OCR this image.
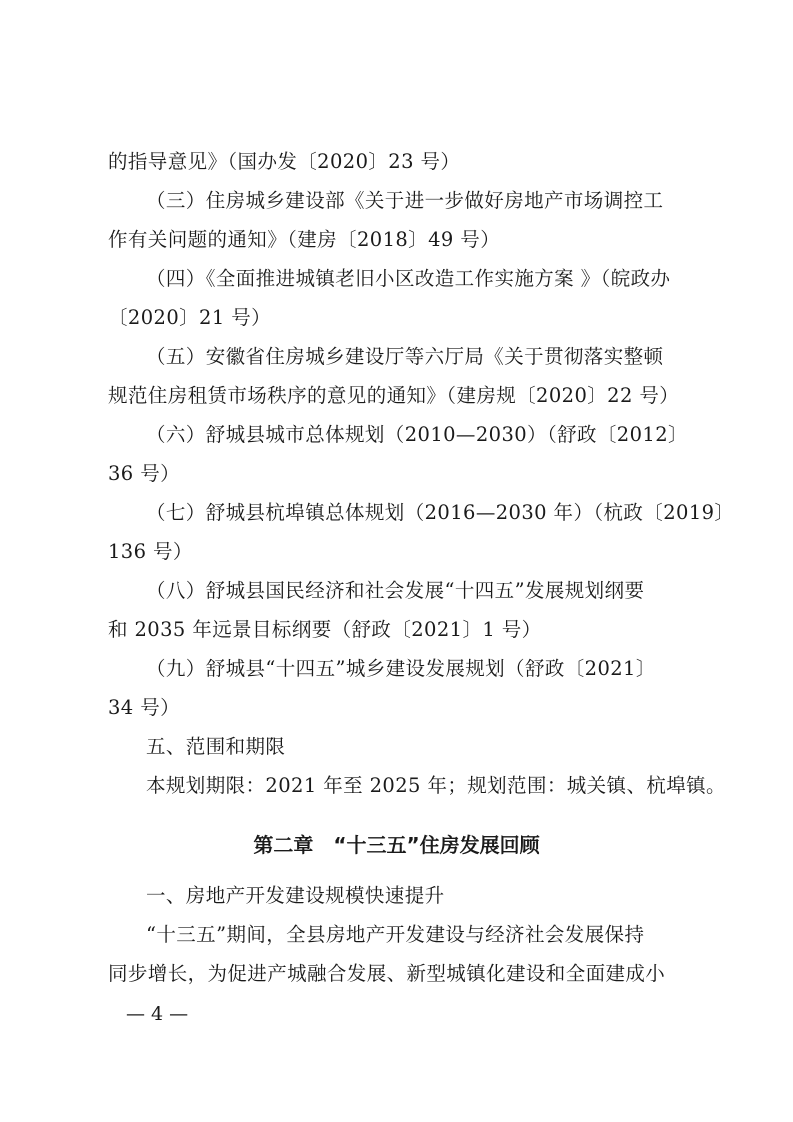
的指导意见》（国办发〔2020〕23 号）
（三）住房城乡建设部《关于进一步做好房地产市场调控工
作有关问题的通知》（建房〔2018〕49 号）
（四）《全面推进城镇老旧小区改造工作实施方案 》（皖政办
〔2020〕21 号）
（五）安徽省住房城乡建设厅等六厅局《关于贯彻落实整顿
规范住房租赁市场秩序的意见的通知》（建房规〔2020〕22 号）
（六）舒城县城市总体规划（2010—2030）（舒政〔2012〕
36 号）
（七）舒城县杭埠镇总体规划（2016—2030 年）（杭政〔2019〕
136 号）
（八）舒城县国民经济和社会发展“十四五”发展规划纲要
和 2035 年远景目标纲要（舒政〔2021〕1 号）
（九）舒城县“十四五”城乡建设发展规划（舒政〔2021〕
34 号）
五、范围和期限
本规划期限：2021 年至 2025 年；规划范围：城关镇、杭埠镇。
第二章　“十三五”住房发展回顾
一、房地产开发建设规模快速提升
“十三五”期间，全县房地产开发建设与经济社会发展保持
同步增长，为促进产城融合发展、新型城镇化建设和全面建成小
— 4 —
